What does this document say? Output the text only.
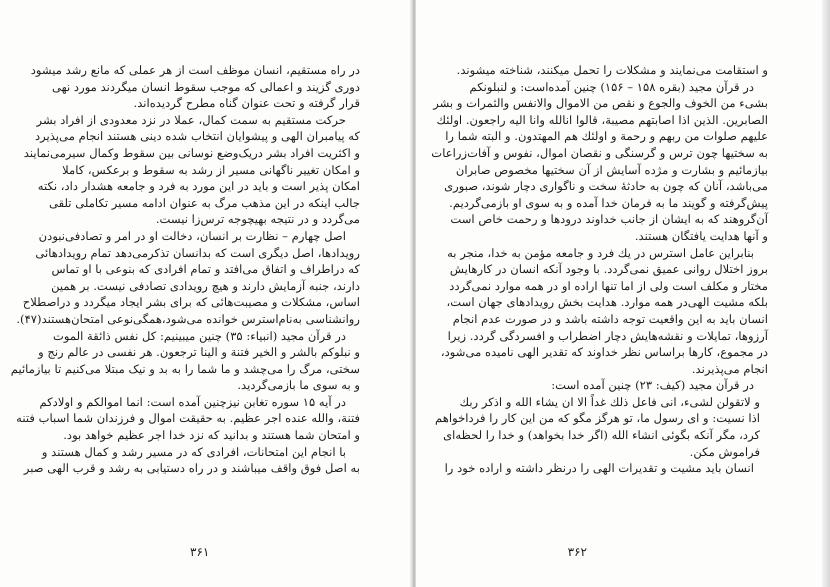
در راه مستقیم، انسان موظف است از هر عملی که مانع رشد میشود
دوری گزیند و اعمالی که موجب سقوط انسان میگردند مورد نهی
قرار گرفته و تحت عنوان گناه مطرح گردیده‌اند.
حرکت مستقیم به سمت کمال، عملا در نزد معدودی از افراد بشر
که پیامبران الهی و پیشوایان انتخاب شده دینی هستند انجام می‌پذیرد
و اکثریت افراد بشر دریک‌وضع نوسانی بین سقوط وکمال سیرمی‌نمایند
و امکان تغییر ناگهانی مسیر از رشد به سقوط و برعکس، کاملا
امکان پذیر است و باید در این مورد به فرد و جامعه هشدار داد، نکته
جالب اینکه در این مذهب مرگ به عنوان ادامه مسیر تکاملی تلقی
می‌گردد و در نتیجه بهیچوجه ترس‌زا نیست.
اصل چهارم – نظارت بر انسان، دخالت او در امر و تصادفی‌نبودن
رویدادها، اصل دیگری است که بدانسان تذکرمی‌دهد تمام رویدادهائی
که دراطراف و اتفاق می‌افتد و تمام افرادی که بنوعی با او تماس
دارند، جنبه آزمایش دارند و هیچ رویدادی تصادفی نیست. بر همین
اساس، مشکلات و مصیبت‌هائی که برای بشر ایجاد میگردد و دراصطلاح
روانشناسی به‌نام‌استرس خوانده می‌شود،همگی‌نوعی امتحان‌هستند(۴۷).
در قرآن مجید (انبیاء: ۳۵) چنین میبینیم: کل نفس ذائقة الموت
و نبلوکم بالشر و الخیر فتنة و الینا ترجعون. هر نفسی در عالم رنج و
سختی، مرگ را می‌چشد و ما شما را به بد و نیک مبتلا می‌کنیم تا بیازمائیم
و به سوی ما بازمی‌گردید.
در آیه ۱۵ سوره تغابن نیزچنین آمده است: انما اموالکم و اولادکم
فتنة، والله عنده اجر عظیم. به حقیقت اموال و فرزندان شما اسباب فتنه
و امتحان شما هستند و بدانید که نزد خدا اجر عظیم خواهد بود.
با انجام این امتحانات، افرادی که در مسیر رشد و کمال هستند و
به اصل فوق واقف میباشند و در راه دستیابی به رشد و قرب الهی صبر
۳۶۱
و استقامت می‌نمایند و مشکلات را تحمل میکنند، شناخته میشوند.
در قرآن مجید (بقره ۱۵۸ – ۱۵۶) چنین آمده‌است: و لنبلونکم
بشیء من الخوف والجوع و نقص من الاموال والانفس والثمرات و بشر
الصابرین. الذین اذا اصابتهم مصیبة، قالوا انالله وانا الیه راجعون. اولئك
علیهم صلوات من ربهم و رحمة و اولئك هم المهتدون. و البته شما را
به سختیها چون ترس و گرسنگی و نقصان اموال، نفوس و آفات‌زراعات
بیازمائیم و بشارت و مژده آسایش از آن سختیها مخصوص صابران
می‌باشد، آنان که چون به حادثهٔ سخت و ناگواری دچار شوند، صبوری
پیش‌گرفته و گویند ما به فرمان خدا آمده و به سوی او بازمی‌گردیم.
آن‌گروهند که به ایشان از جانب خداوند درودها و رحمت خاص است
و آنها هدایت یافتگان هستند.
بنابراین عامل استرس در یك فرد و جامعه مؤمن به خدا، منجر به
بروز اختلال روانی عمیق نمی‌گردد. با وجود آنکه انسان در کارهایش
مختار و مکلف است ولی از اما تنها اراده او در همه موارد نمی‌گردد
بلکه مشیت الهی‌در همه موارد. هدایت بخش رویدادهای جهان است،
انسان باید به این واقعیت توجه داشته باشد و در صورت عدم انجام
آرزوها، تمایلات و نقشه‌هایش دچار اضطراب و افسردگی گردد. زیرا
در مجموع، کارها براساس نظر خداوند که تقدیر الهی نامیده می‌شود،
انجام می‌پذیرند.
در قرآن مجید (کیف: ۲۳) چنین آمده است:
و لاتقولن لشیء، انی فاعل ذلك غداً الا ان یشاء الله و اذکر ربك
اذا نسیت: و ای رسول ما، تو هرگز مگو که من این کار را فرداخواهم
کرد، مگر آنکه بگوئی انشاء الله (اگر خدا بخواهد) و خدا را لحظه‌ای
فراموش مکن.
انسان باید مشیت و تقدیرات الهی را درنظر داشته و اراده خود را
۳۶۲
